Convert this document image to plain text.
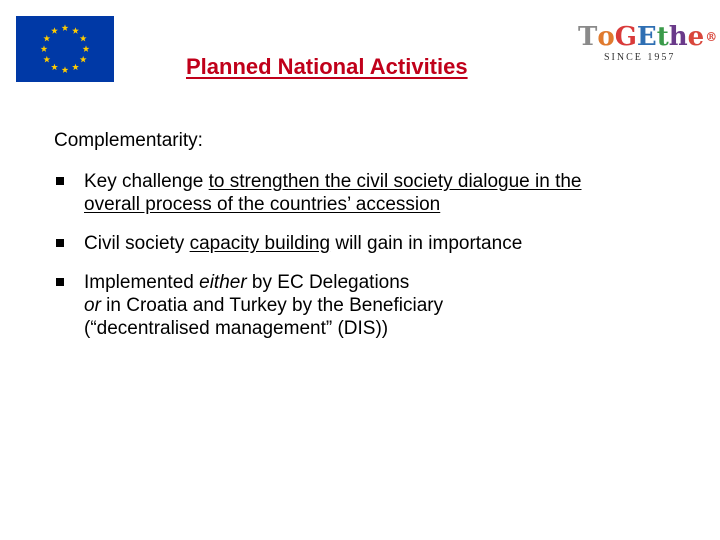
Planned National Activities
ToGEthe®
SINCE 1957
Complementarity:
Key challenge to strengthen the civil society dialogue in the
overall process of the countries’ accession
Civil society capacity building will gain in importance
Implemented either by EC Delegations
or in Croatia and Turkey by the Beneficiary
(“decentralised management” (DIS))
